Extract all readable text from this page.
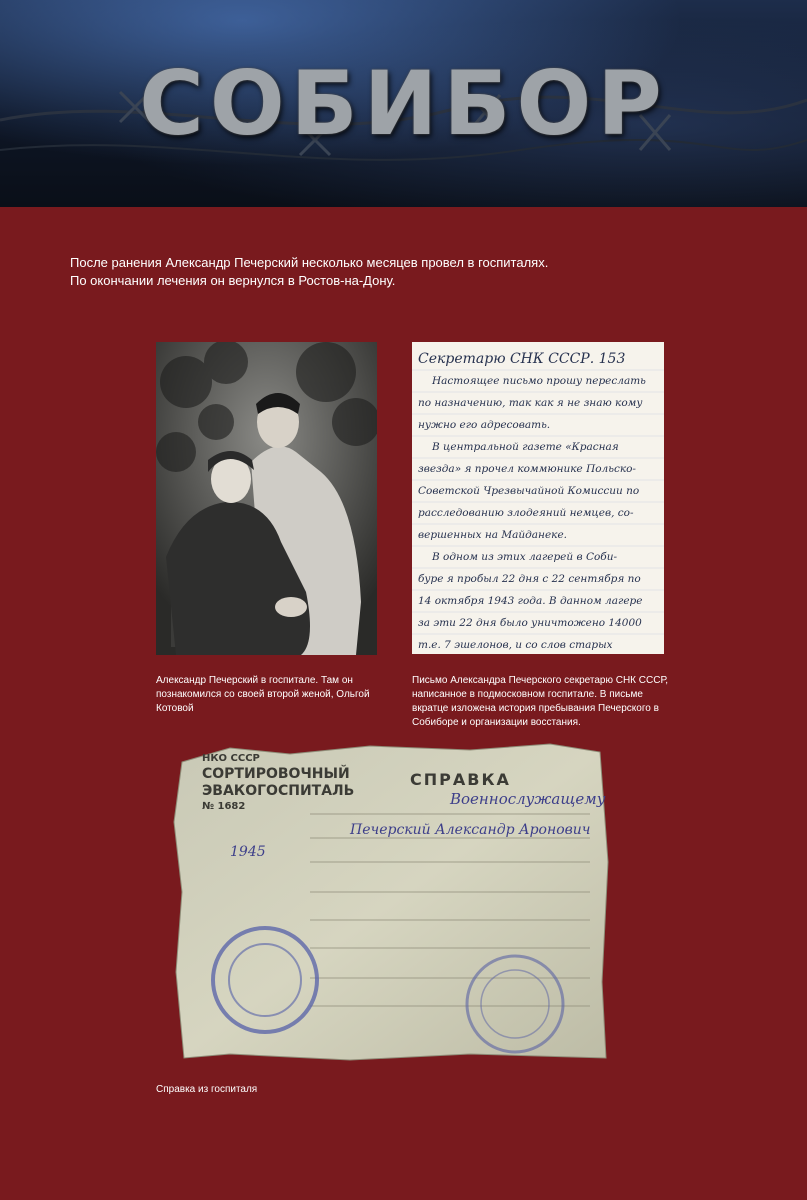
СОБИБОР

После ранения Александр Печерский несколько месяцев провел в госпиталях.

По окончании лечения он вернулся в Ростов-на-Дону.

Секретарю СНК СССР. 153
Настоящее письмо прошу переслать
по назначению, так как я не знаю кому
нужно его адресовать.
В центральной газете «Красная
звезда» я прочел коммюнике Польско-
Советской Чрезвычайной Комиссии по
расследованию злодеяний немцев, со-
вершенных на Майданеке.
В одном из этих лагерей в Соби-
буре я пробыл 22 дня с 22 сентября по
14 октября 1943 года. В данном лагере
за эти 22 дня было уничтожено 14000
т.е. 7 эшелонов, и со слов старых
Александр Печерский в госпитале. Там он познакомился со своей второй женой, Ольгой Котовой
Письмо Александра Печерского секретарю СНК СССР, написанное в подмосковном госпитале. В письме вкратце изложена история пребывания Печерского в Собиборе и организации восстания.
НКО СССР
СОРТИРОВОЧНЫЙ
ЭВАКОГОСПИТАЛЬ
№ 1682
СПРАВКА
Военнослужащему
Печерский Александр Аронович
1945
Справка из госпиталя
